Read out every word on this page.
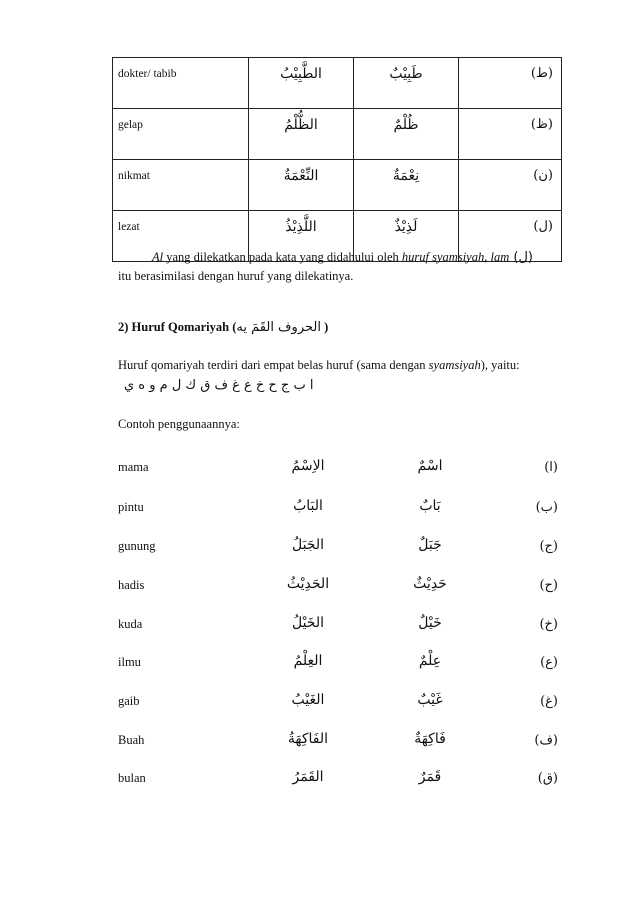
dokter/ tabib	الطَّبِيْبُ	طَبِيْبٌ	(ط)
gelap	الظُّلْمُ	ظُلْمٌ	(ظ)
nikmat	النِّعْمَةُ	نِعْمَةٌ	(ن)
lezat	اللَّذِيْذُ	لَذِيْذٌ	(ل)
Al yang dilekatkan pada kata yang didahului oleh huruf syamsiyah, lam (ل)
itu berasimilasi dengan huruf yang dilekatinya.
2) Huruf Qomariyah (الحروف القَمَ يه )
Huruf qomariyah terdiri dari empat belas huruf (sama dengan syamsiyah), yaitu:
ا ب ج ح خ ع غ ف ق ك ل م و ه ي
Contoh penggunaannya:
mama	الاِسْمُ	اسْمٌ	(ا)
pintu	البَابُ	بَابٌ	(ب)
gunung	الجَبَلُ	جَبَلٌ	(ج)
hadis	الحَدِيْثُ	حَدِيْثٌ	(ح)
kuda	الخَيْلُ	خَيْلٌ	(خ)
ilmu	العِلْمُ	عِلْمٌ	(ع)
gaib	الغَيْبُ	غَيْبٌ	(غ)
Buah	الفَاكِهَةُ	فَاكِهَةٌ	(ف)
bulan	القَمَرُ	قَمَرٌ	(ق)
